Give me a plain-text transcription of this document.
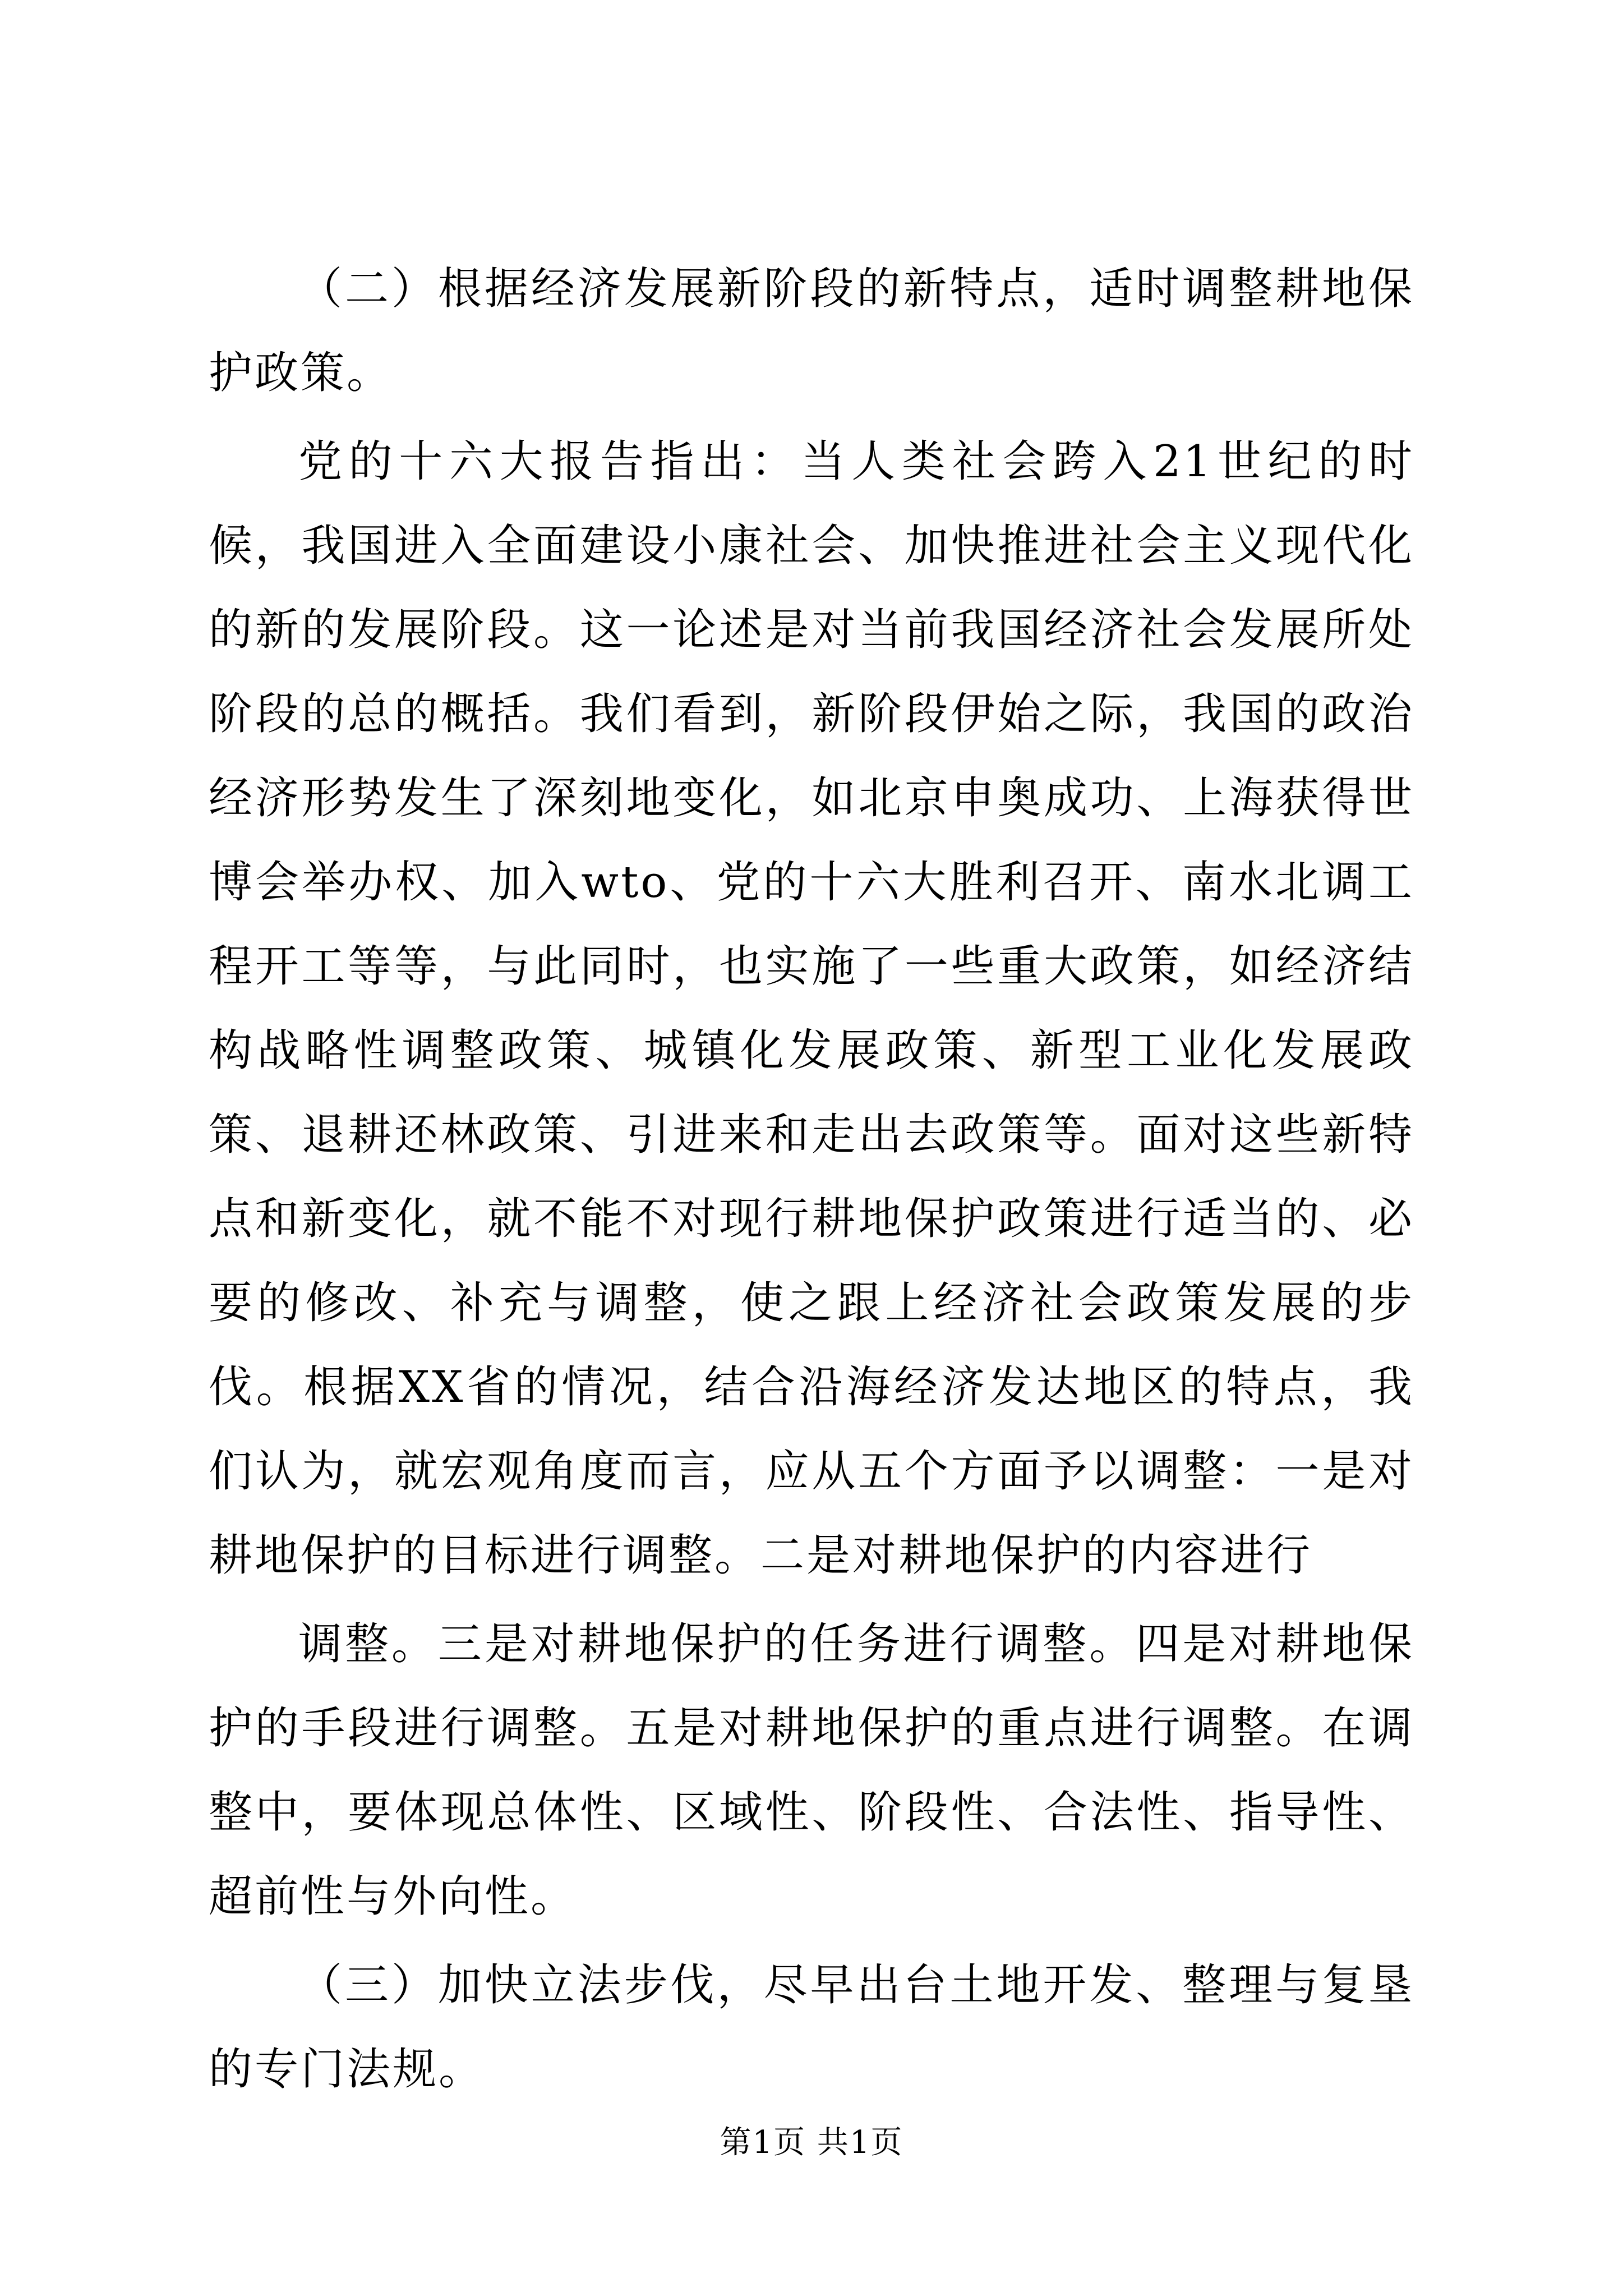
（二）根据经济发展新阶段的新特点，适时调整耕地保护政策。

党的十六大报告指出：当人类社会跨入21世纪的时候，我国进入全面建设小康社会、加快推进社会主义现代化的新的发展阶段。这一论述是对当前我国经济社会发展所处阶段的总的概括。我们看到，新阶段伊始之际，我国的政治经济形势发生了深刻地变化，如北京申奥成功、上海获得世博会举办权、加入wto、党的十六大胜利召开、南水北调工程开工等等，与此同时，也实施了一些重大政策，如经济结构战略性调整政策、城镇化发展政策、新型工业化发展政策、退耕还林政策、引进来和走出去政策等。面对这些新特点和新变化，就不能不对现行耕地保护政策进行适当的、必要的修改、补充与调整，使之跟上经济社会政策发展的步伐。根据XX省的情况，结合沿海经济发达地区的特点，我们认为，就宏观角度而言，应从五个方面予以调整：一是对耕地保护的目标进行调整。二是对耕地保护的内容进行

调整。三是对耕地保护的任务进行调整。四是对耕地保护的手段进行调整。五是对耕地保护的重点进行调整。在调整中，要体现总体性、区域性、阶段性、合法性、指导性、超前性与外向性。

（三）加快立法步伐，尽早出台土地开发、整理与复垦的专门法规。

第1页 共1页
